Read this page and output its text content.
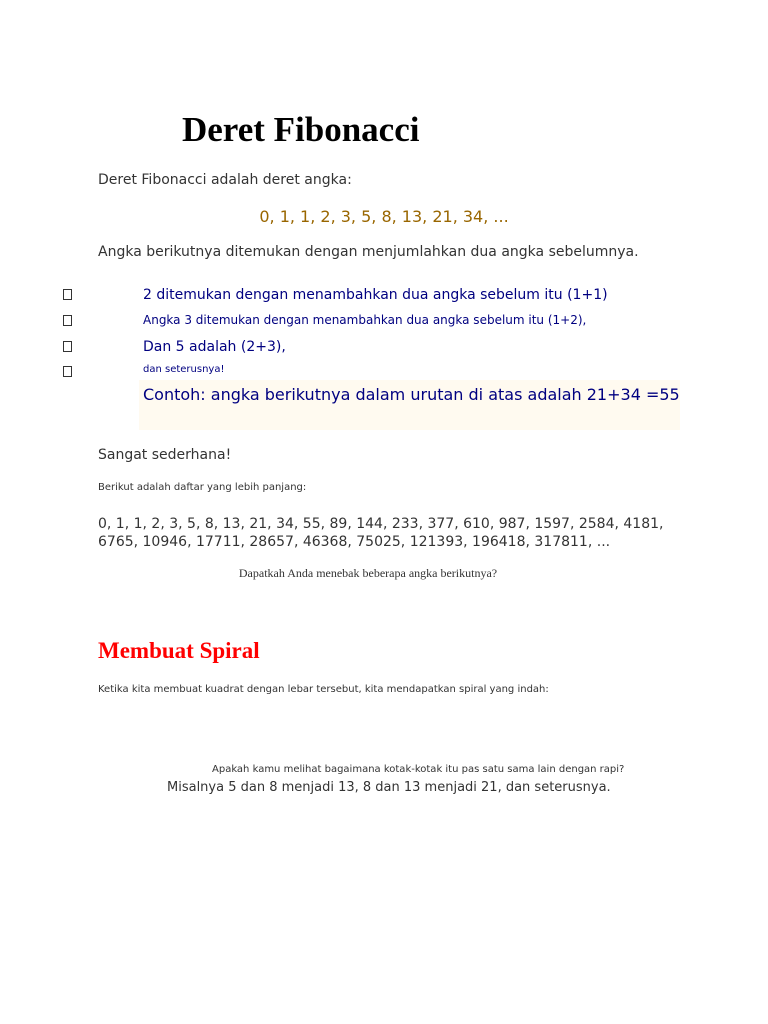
Deret Fibonacci

Deret Fibonacci adalah deret angka:

0, 1, 1, 2, 3, 5, 8, 13, 21, 34, ...

Angka berikutnya ditemukan dengan menjumlahkan dua angka sebelumnya.

2 ditemukan dengan menambahkan dua angka sebelum itu (1+1)

Angka 3 ditemukan dengan menambahkan dua angka sebelum itu (1+2),

Dan 5 adalah (2+3),

dan seterusnya!

Contoh: angka berikutnya dalam urutan di atas adalah 21+34 =55

Sangat sederhana!

Berikut adalah daftar yang lebih panjang:

0, 1, 1, 2, 3, 5, 8, 13, 21, 34, 55, 89, 144, 233, 377, 610, 987, 1597, 2584, 4181, 6765, 10946, 17711, 28657, 46368, 75025, 121393, 196418, 317811, ...

Dapatkah Anda menebak beberapa angka berikutnya?

Membuat Spiral

Ketika kita membuat kuadrat dengan lebar tersebut, kita mendapatkan spiral yang indah:

Apakah kamu melihat bagaimana kotak-kotak itu pas satu sama lain dengan rapi?

Misalnya 5 dan 8 menjadi 13, 8 dan 13 menjadi 21, dan seterusnya.
